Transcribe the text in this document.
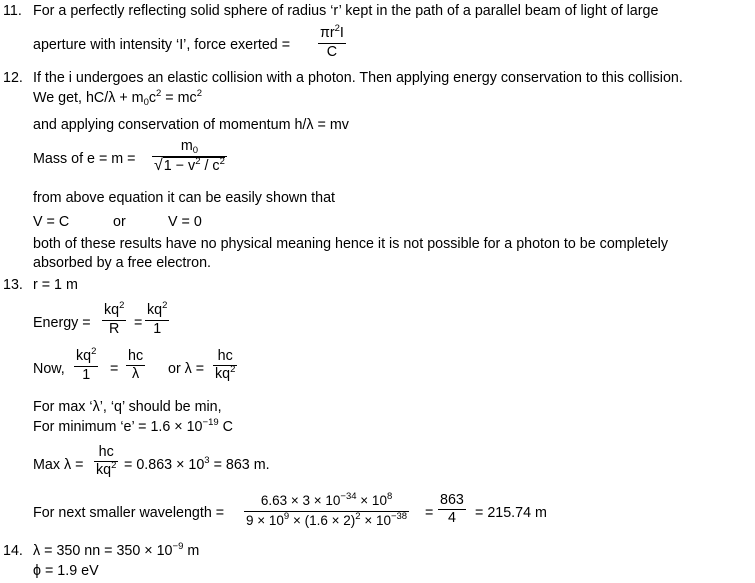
11. For a perfectly reflecting solid sphere of radius ‘r’ kept in the path of a parallel beam of light of large
aperture with intensity ‘I’, force exerted =
$\pi r^2I$
C
12. If the i undergoes an elastic collision with a photon. Then applying energy conservation to this collision.
We get, $hC/\lambda + m_0c^2 = mc^2$
and applying conservation of momentum h/λ = mv
Mass of e = m =
$m_0$
$√1 - v^2 / c^2$
from above equation it can be easily shown that
V = C	or	V = 0
both of these results have no physical meaning hence it is not possible for a photon to be completely
absorbed by a free electron.
13. r = 1 m
Energy =
$kq^2$
R	=
$kq^2$
1
Now,
$kq^2$
1	=
hc
λ	or λ =
hc
$kq^2$
For max ‘λ’, ‘q’ should be min,
For minimum ‘e’ = $1.6 \times 10^{-19}$ C
Max λ =
hc
$kq^2 = 0.863 \times 10^3 = 863$ m.
For next smaller wavelength =
$6.63 \times 3 \times 10^{-34} \times 10^8$
$9 \times 10^9 \times (1.6 \times 2)^2 \times 10^{-38}$ =
863
4	= 215.74 m
14. λ = 350 nn = $350 \times 10^{-9}$ m
ϕ = 1.9 eV
